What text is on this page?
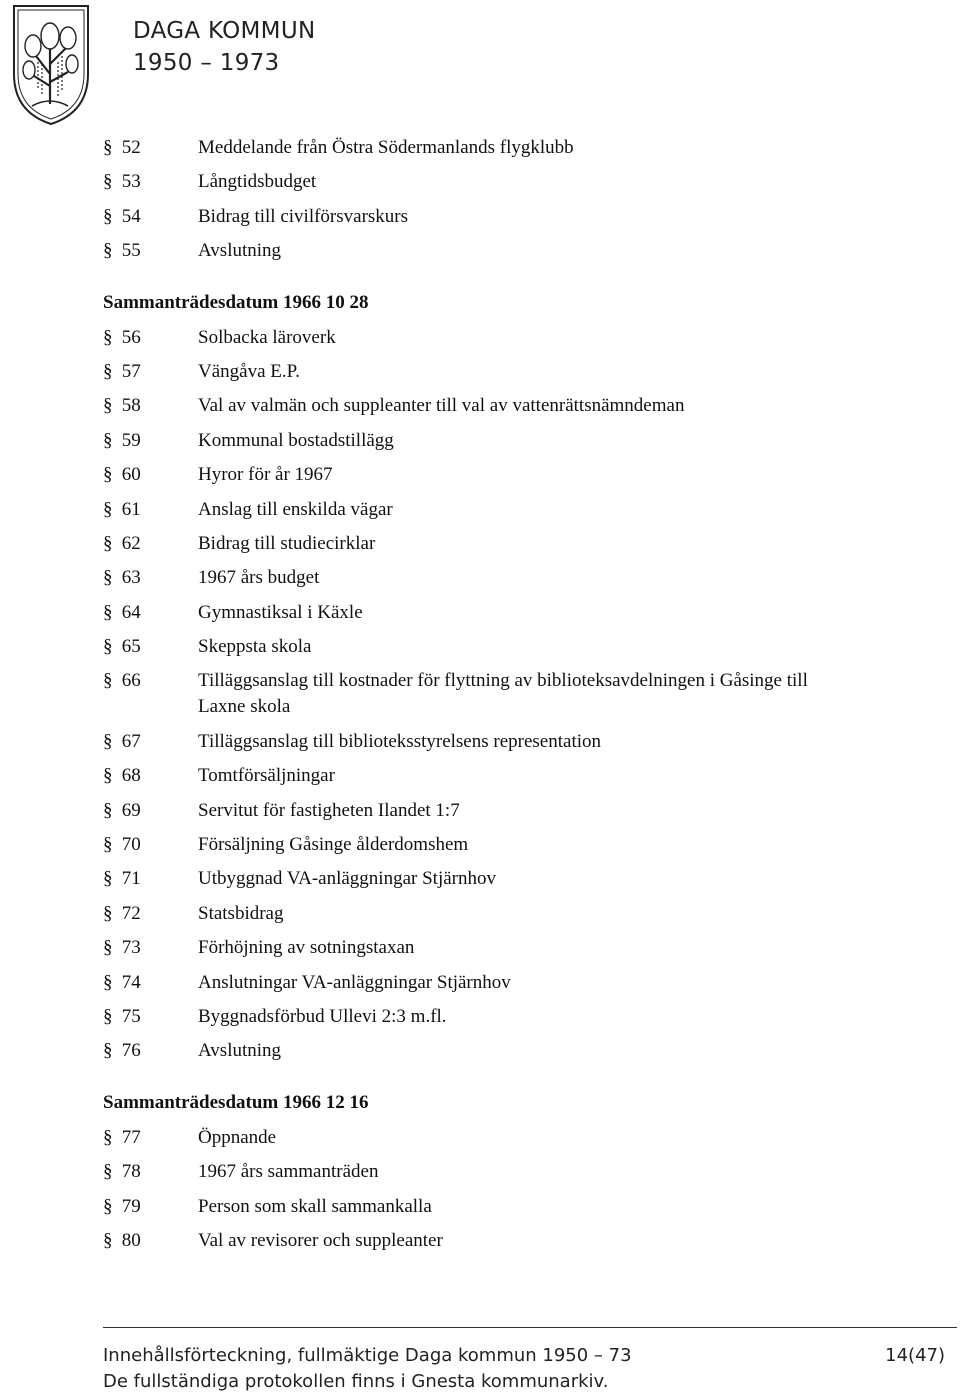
DAGA KOMMUN
1950 – 1973
§ 52	Meddelande från Östra Södermanlands flygklubb
§ 53	Långtidsbudget
§ 54	Bidrag till civilförsvarskurs
§ 55	Avslutning
Sammanträdesdatum 1966 10 28
§ 56	Solbacka läroverk
§ 57	Vängåva E.P.
§ 58	Val av valmän och suppleanter till val av vattenrättsnämndeman
§ 59	Kommunal bostadstillägg
§ 60	Hyror för år 1967
§ 61	Anslag till enskilda vägar
§ 62	Bidrag till studiecirklar
§ 63	1967 års budget
§ 64	Gymnastiksal i Käxle
§ 65	Skeppsta skola
§ 66	Tilläggsanslag till kostnader för flyttning av biblioteksavdelningen i Gåsinge till
Laxne skola
§ 67	Tilläggsanslag till biblioteksstyrelsens representation
§ 68	Tomtförsäljningar
§ 69	Servitut för fastigheten Ilandet 1:7
§ 70	Försäljning Gåsinge ålderdomshem
§ 71	Utbyggnad VA-anläggningar Stjärnhov
§ 72	Statsbidrag
§ 73	Förhöjning av sotningstaxan
§ 74	Anslutningar VA-anläggningar Stjärnhov
§ 75	Byggnadsförbud Ullevi 2:3 m.fl.
§ 76	Avslutning
Sammanträdesdatum 1966 12 16
§ 77	Öppnande
§ 78	1967 års sammanträden
§ 79	Person som skall sammankalla
§ 80	Val av revisorer och suppleanter
Innehållsförteckning, fullmäktige Daga kommun 1950 – 73	14(47)
De fullständiga protokollen finns i Gnesta kommunarkiv.
